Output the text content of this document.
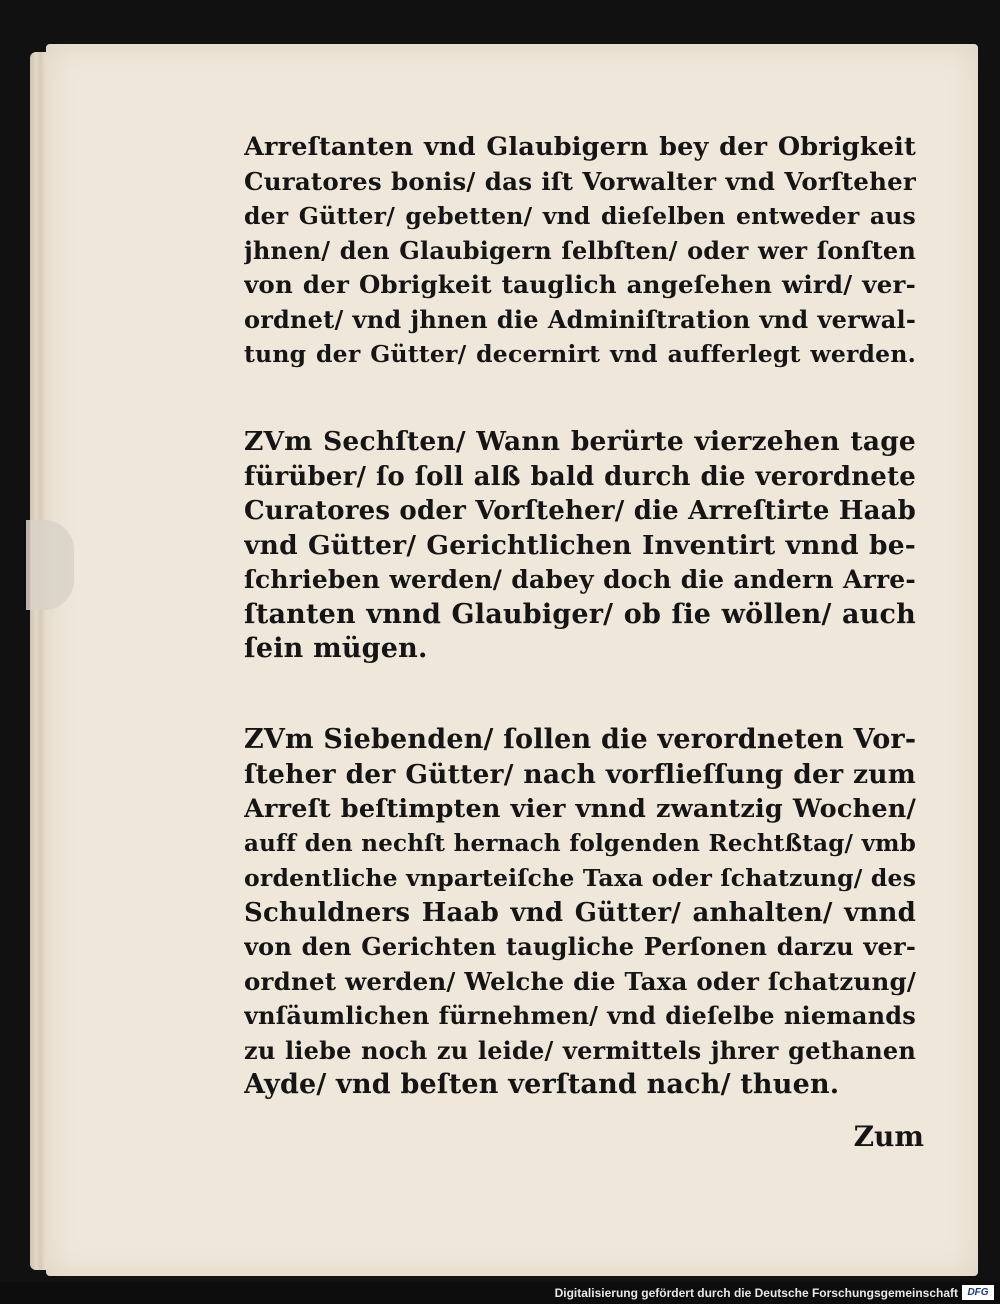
Arreſtanten vnd Glaubigern bey der Obrigkeit
Curatores bonis/ das iſt Vorwalter vnd Vorſteher
der Gütter/ gebetten/ vnd dieſelben entweder aus
jhnen/ den Glaubigern ſelbſten/ oder wer ſonſten
von der Obrigkeit tauglich angeſehen wird/ ver-
ordnet/ vnd jhnen die Adminiſtration vnd verwal-
tung der Gütter/ decernirt vnd aufferlegt werden.
ZVm Sechſten/ Wann berürte vierzehen tage
fürüber/ ſo ſoll alß bald durch die verordnete
Curatores oder Vorſteher/ die Arreſtirte Haab
vnd Gütter/ Gerichtlichen Inventirt vnnd be-
ſchrieben werden/ dabey doch die andern Arre-
ſtanten vnnd Glaubiger/ ob ſie wöllen/ auch
ſein mügen.
ZVm Siebenden/ ſollen die verordneten Vor-
ſteher der Gütter/ nach vorflieſſung der zum
Arreſt beſtimpten vier vnnd zwantzig Wochen/
auff den nechſt hernach folgenden Rechtßtag/ vmb
ordentliche vnparteiſche Taxa oder ſchatzung/ des
Schuldners Haab vnd Gütter/ anhalten/ vnnd
von den Gerichten taugliche Perſonen darzu ver-
ordnet werden/ Welche die Taxa oder ſchatzung/
vnſäumlichen fürnehmen/ vnd dieſelbe niemands
zu liebe noch zu leide/ vermittels jhrer gethanen
Ayde/ vnd beſten verſtand nach/ thuen.
Zum
Digitalisierung gefördert durch die Deutsche Forschungsgemeinschaft DFG
